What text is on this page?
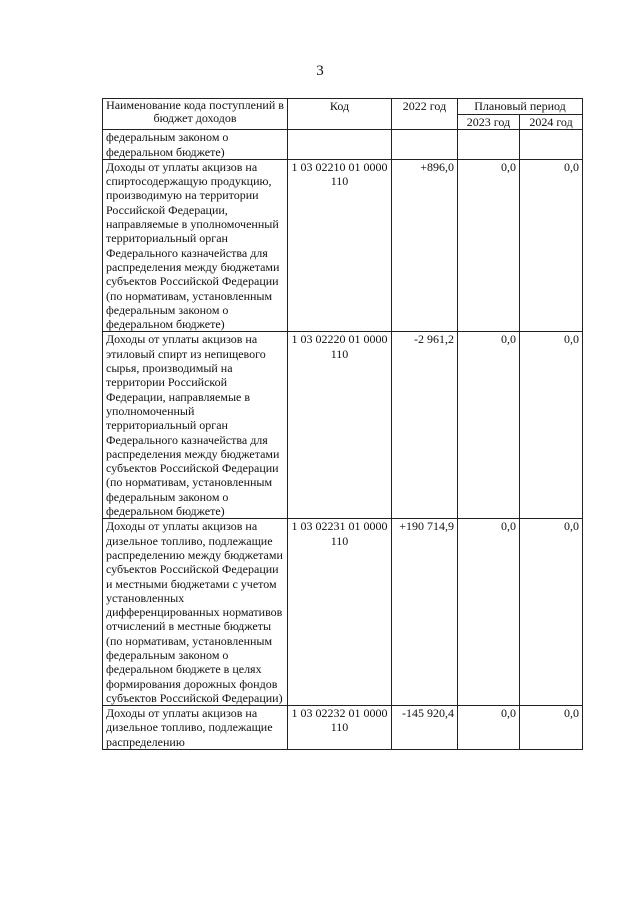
3
Наименование кода поступлений в бюджет доходов	Код	2022 год	Плановый период	
			2023 год	2024 год
федеральным законом о федеральном бюджете)				
Доходы от уплаты акцизов на спиртосодержащую продукцию, производимую на территории Российской Федерации, направляемые в уполномоченный территориальный орган Федерального казначейства для распределения между бюджетами субъектов Российской Федерации (по нормативам, установленным федеральным законом о федеральном бюджете)	1 03 02210 01 0000 110	+896,0	0,0	0,0
Доходы от уплаты акцизов на этиловый спирт из непищевого сырья, производимый на территории Российской Федерации, направляемые в уполномоченный территориальный орган Федерального казначейства для распределения между бюджетами субъектов Российской Федерации (по нормативам, установленным федеральным законом о федеральном бюджете)	1 03 02220 01 0000 110	-2 961,2	0,0	0,0
Доходы от уплаты акцизов на дизельное топливо, подлежащие распределению между бюджетами субъектов Российской Федерации и местными бюджетами с учетом установленных дифференцированных нормативов отчислений в местные бюджеты (по нормативам, установленным федеральным законом о федеральном бюджете в целях формирования дорожных фондов субъектов Российской Федерации)	1 03 02231 01 0000 110	+190 714,9	0,0	0,0
Доходы от уплаты акцизов на дизельное топливо, подлежащие распределению	1 03 02232 01 0000 110	-145 920,4	0,0	0,0
